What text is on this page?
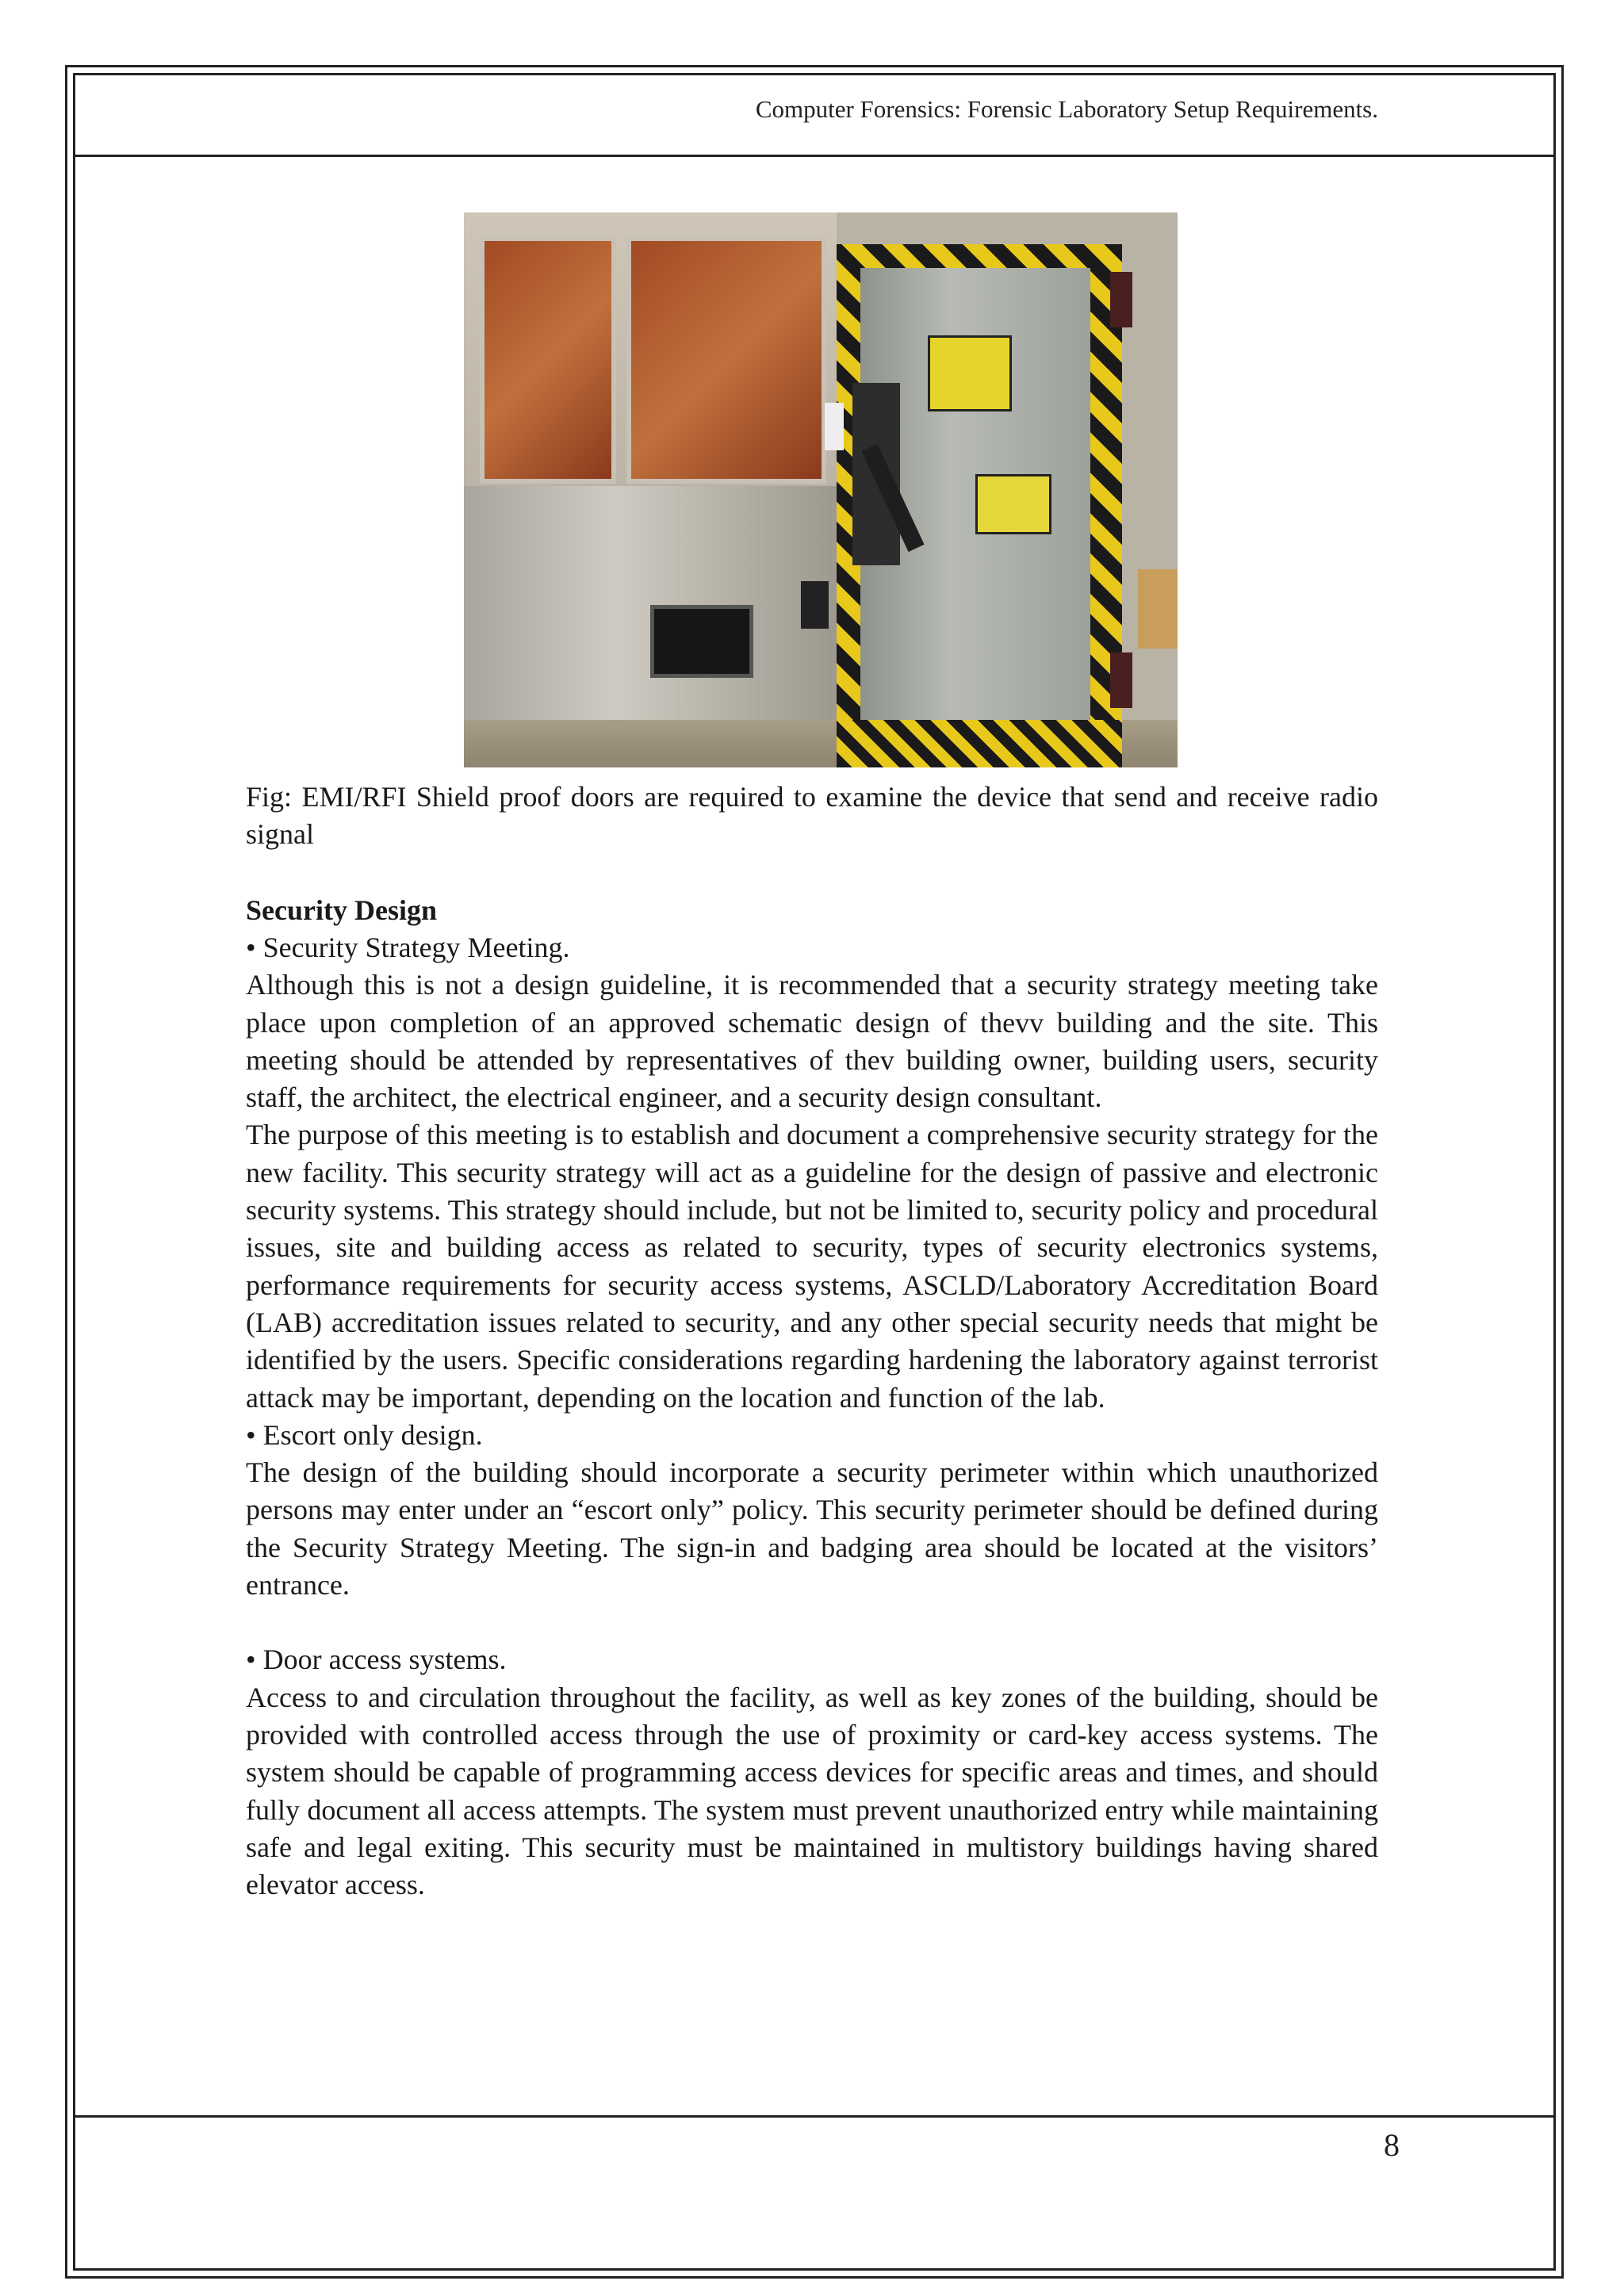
Computer Forensics: Forensic Laboratory Setup Requirements.

Fig: EMI/RFI Shield proof doors are required to examine the device that send and receive radio signal

Security Design

• Security Strategy Meeting.

Although this is not a design guideline, it is recommended that a security strategy meeting take place upon completion of an approved schematic design of thevv building and the site. This meeting should be attended by representatives of thev building owner, building users, security staff, the architect, the electrical engineer, and a security design consultant.

The purpose of this meeting is to establish and document a comprehensive security strategy for the new facility. This security strategy will act as a guideline for the design of passive and electronic security systems. This strategy should include, but not be limited to, security policy and procedural issues, site and building access as related to security, types of security electronics systems, performance requirements for security access systems, ASCLD/Laboratory Accreditation Board (LAB) accreditation issues related to security, and any other special security needs that might be identified by the users. Specific considerations regarding hardening the laboratory against terrorist attack may be important, depending on the location and function of the lab.

• Escort only design.

The design of the building should incorporate a security perimeter within which unauthorized persons may enter under an “escort only” policy. This security perimeter should be defined during the Security Strategy Meeting. The sign-in and badging area should be located at the visitors’ entrance.

• Door access systems.

Access to and circulation throughout the facility, as well as key zones of the building, should be provided with controlled access through the use of proximity or card-key access systems. The system should be capable of programming access devices for specific areas and times, and should fully document all access attempts. The system must prevent unauthorized entry while maintaining safe and legal exiting. This security must be maintained in multistory buildings having shared elevator access.

8
